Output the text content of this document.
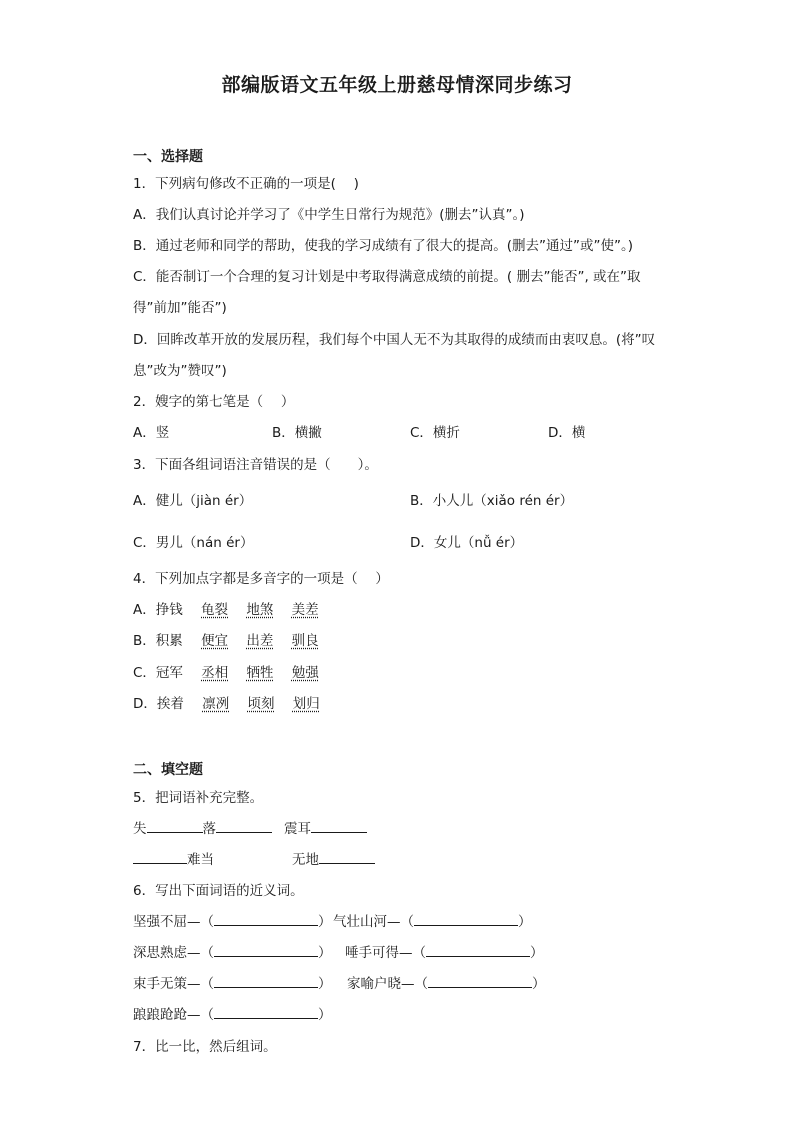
部编版语文五年级上册慈母情深同步练习
一、选择题
1．下列病句修改不正确的一项是(　 )
A．我们认真讨论并学习了《中学生日常行为规范》(删去”认真”。)
B．通过老师和同学的帮助，使我的学习成绩有了很大的提高。(删去”通过”或”使”。)
C．能否制订一个合理的复习计划是中考取得满意成绩的前提。( 删去”能否”, 或在”取
得”前加”能否”)
D．回眸改革开放的发展历程，我们每个中国人无不为其取得的成绩而由衷叹息。(将”叹
息”改为”赞叹”)
2．嫂字的第七笔是（　 ）
A．竖	B．横撇	C．横折	D．横
3．下面各组词语注音错误的是（　　）。
A．健儿（jiàn ér）	B．小人儿（xiǎo rén ér）
C．男儿（nán ér）	D．女儿（nǚ ér）
4．下列加点字都是多音字的一项是（　 ）
A．挣钱 龟裂 地煞 美差
B．积累 便宜 出差 驯良
C．冠军 丞相 牺牲 勉强
D．挨着 凛冽 顷刻 划归
二、填空题
5．把词语补充完整。
失	落	震耳
难当	无地
6．写出下面词语的近义词。
坚强不屈—（	） 气壮山河—（	）
深思熟虑—（	） 唾手可得—（	）
束手无策—（	） 家喻户晓—（	）
踉踉跄跄—（	）
7．比一比，然后组词。
